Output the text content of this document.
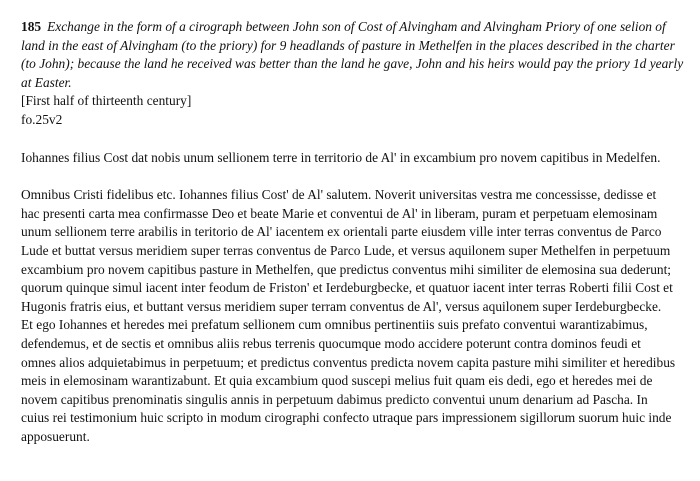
185 Exchange in the form of a cirograph between John son of Cost of Alvingham and Alvingham Priory of one selion of land in the east of Alvingham (to the priory) for 9 headlands of pasture in Methelfen in the places described in the charter (to John); because the land he received was better than the land he gave, John and his heirs would pay the priory 1d yearly at Easter.

[First half of thirteenth century]

fo.25v2

Iohannes filius Cost dat nobis unum sellionem terre in territorio de Al' in excambium pro novem capitibus in Medelfen.

Omnibus Cristi fidelibus etc. Iohannes filius Cost' de Al' salutem. Noverit universitas vestra me concessisse, dedisse et hac presenti carta mea confirmasse Deo et beate Marie et conventui de Al' in liberam, puram et perpetuam elemosinam unum sellionem terre arabilis in teritorio de Al' iacentem ex orientali parte eiusdem ville inter terras conventus de Parco Lude et buttat versus meridiem super terras conventus de Parco Lude, et versus aquilonem super Methelfen in perpetuum excambium pro novem capitibus pasture in Methelfen, que predictus conventus mihi similiter de elemosina sua dederunt; quorum quinque simul iacent inter feodum de Friston' et Ierdeburgbecke, et quatuor iacent inter terras Roberti filii Cost et Hugonis fratris eius, et buttant versus meridiem super terram conventus de Al', versus aquilonem super Ierdeburgbecke. Et ego Iohannes et heredes mei prefatum sellionem cum omnibus pertinentiis suis prefato conventui warantizabimus, defendemus, et de sectis et omnibus aliis rebus terrenis quocumque modo accidere poterunt contra dominos feudi et omnes alios adquietabimus in perpetuum; et predictus conventus predicta novem capita pasture mihi similiter et heredibus meis in elemosinam warantizabunt. Et quia excambium quod suscepi melius fuit quam eis dedi, ego et heredes mei de novem capitibus prenominatis singulis annis in perpetuum dabimus predicto conventui unum denarium ad Pascha. In cuius rei testimonium huic scripto in modum cirographi confecto utraque pars impressionem sigillorum suorum huic inde apposuerunt.
